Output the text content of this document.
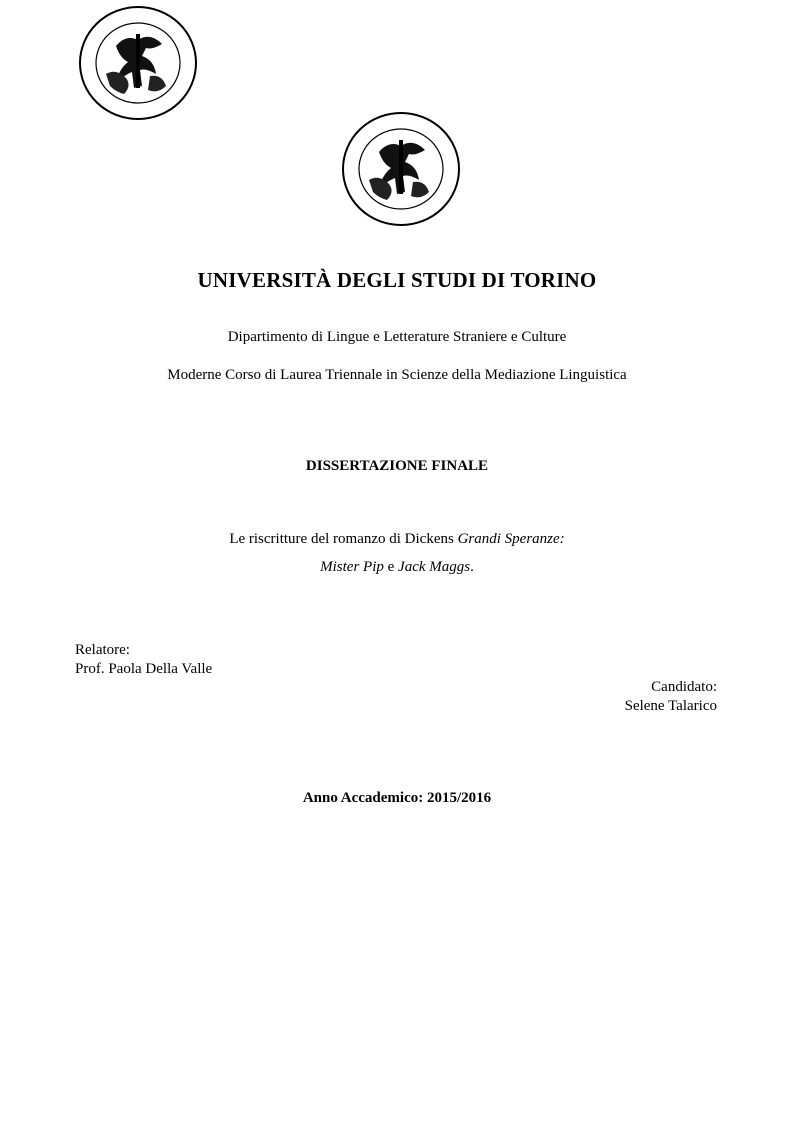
UNIVERSITÀ DEGLI STUDI DI TORINO
Dipartimento di Lingue e Letterature Straniere e Culture
Moderne Corso di Laurea Triennale in Scienze della Mediazione Linguistica
DISSERTAZIONE FINALE
Le riscritture del romanzo di Dickens Grandi Speranze:
Mister Pip e Jack Maggs.
Relatore:
Prof. Paola Della Valle
Candidato:
Selene Talarico
Anno Accademico: 2015/2016
